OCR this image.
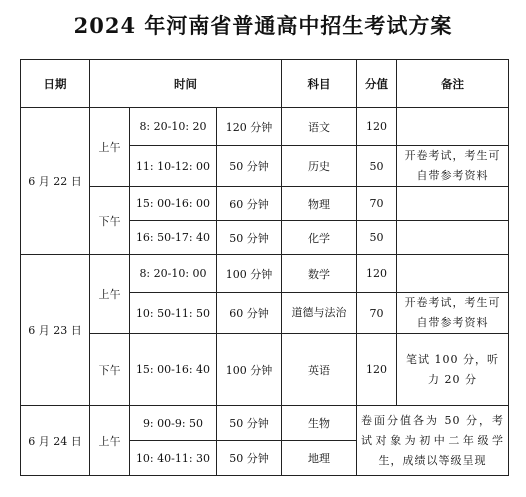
2024 年河南省普通高中招生考试方案
日期	时间			科目	分值	备注
6 月 22 日	上午	8: 20-10: 20	120 分钟	语文	120	
		11: 10-12: 00	50 分钟	历史	50	开卷考试，考生可自带参考资料
	下午	15: 00-16: 00	60 分钟	物理	70	
		16: 50-17: 40	50 分钟	化学	50	
6 月 23 日	上午	8: 20-10: 00	100 分钟	数学	120	
		10: 50-11: 50	60 分钟	道德与法治	70	开卷考试，考生可自带参考资料
	下午	15: 00-16: 40	100 分钟	英语	120	笔试 100 分，听力 20 分
6 月 24 日	上午	9: 00-9: 50	50 分钟	生物	卷面分值各为 50 分，考试对象为初中二年级学生，成绩以等级呈现	
		10: 40-11: 30	50 分钟	地理		
